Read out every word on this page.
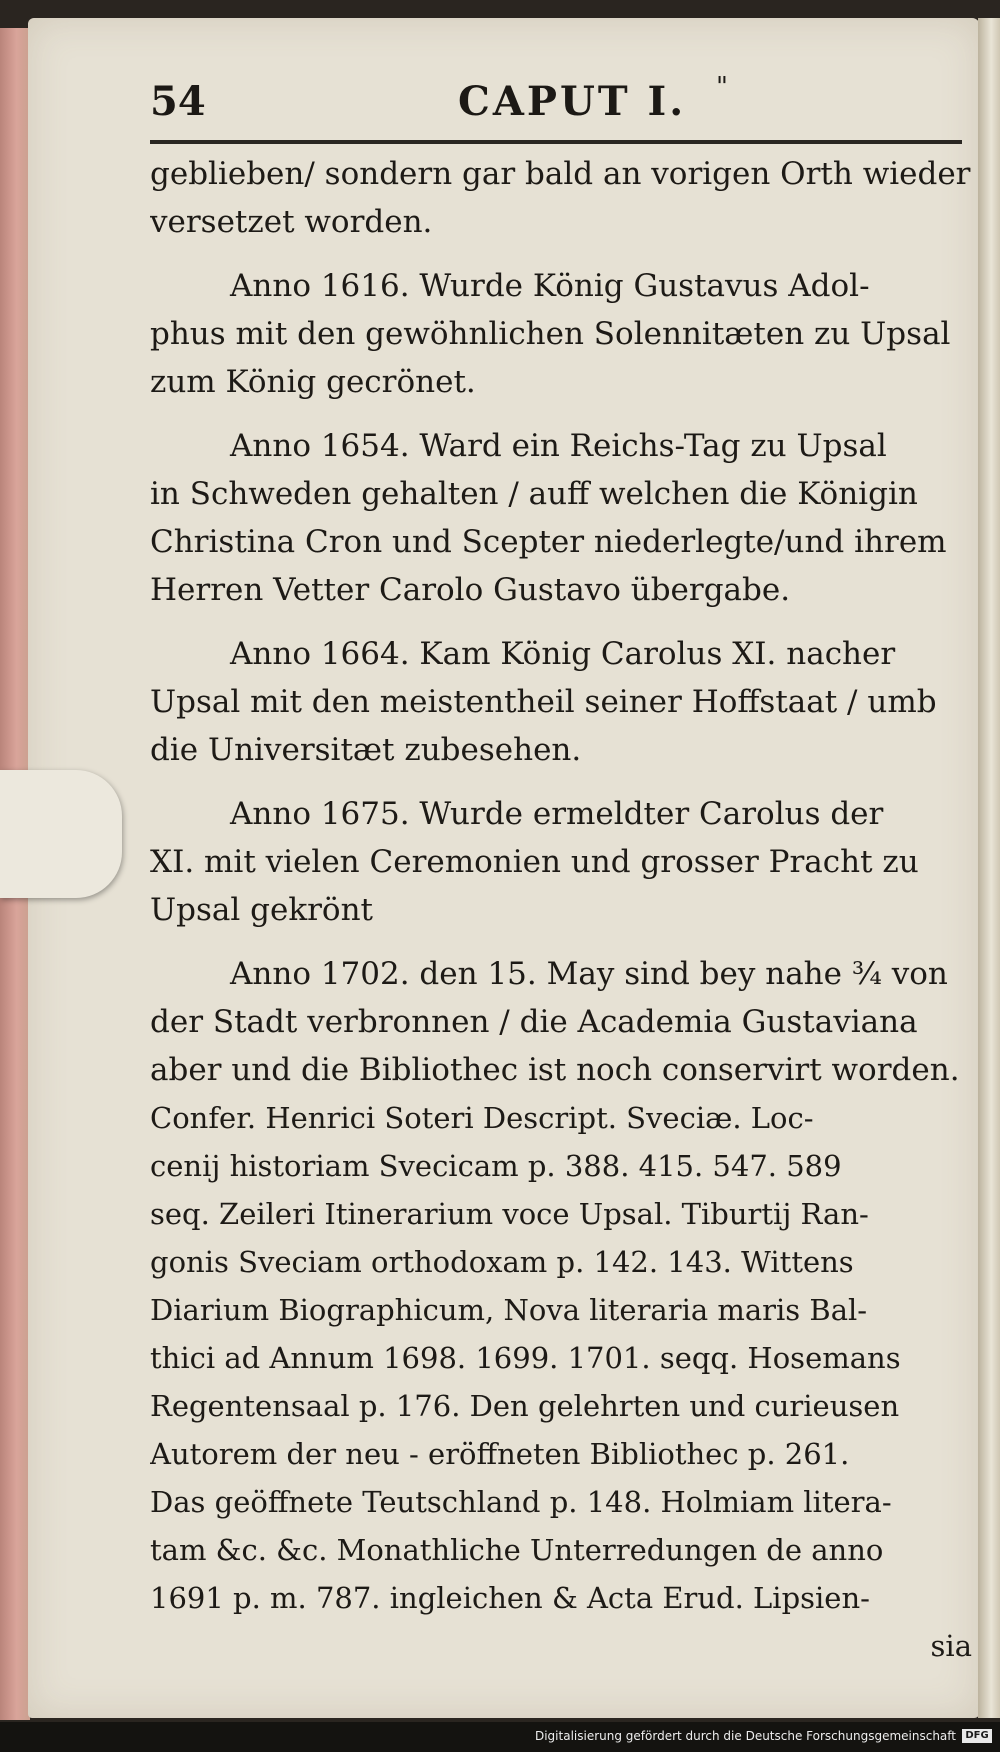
54	CAPUT I. "
geblieben/ sondern gar bald an vorigen Orth wieder
versetzet worden.
Anno 1616. Wurde König Gustavus Adol-
phus mit den gewöhnlichen Solennitæten zu Upsal
zum König gecrönet.
Anno 1654. Ward ein Reichs-Tag zu Upsal
in Schweden gehalten / auff welchen die Königin
Christina Cron und Scepter niederlegte/und ihrem
Herren Vetter Carolo Gustavo übergabe.
Anno 1664. Kam König Carolus XI. nacher
Upsal mit den meistentheil seiner Hoffstaat / umb
die Universitæt zubesehen.
Anno 1675. Wurde ermeldter Carolus der
XI. mit vielen Ceremonien und grosser Pracht zu
Upsal gekrönt
Anno 1702. den 15. May sind bey nahe ¾ von
der Stadt verbronnen / die Academia Gustaviana
aber und die Bibliothec ist noch conservirt worden.
Confer. Henrici Soteri Descript. Sveciæ. Loc-
cenij historiam Svecicam p. 388. 415. 547. 589
seq. Zeileri Itinerarium voce Upsal. Tiburtij Ran-
gonis Sveciam orthodoxam p. 142. 143. Wittens
Diarium Biographicum, Nova literaria maris Bal-
thici ad Annum 1698. 1699. 1701. seqq. Hosemans
Regentensaal p. 176. Den gelehrten und curieusen
Autorem der neu - eröffneten Bibliothec p. 261.
Das geöffnete Teutschland p. 148. Holmiam litera-
tam &c. &c. Monathliche Unterredungen de anno
1691 p. m. 787. ingleichen & Acta Erud. Lipsien-
sia
Digitalisierung gefördert durch die Deutsche Forschungsgemeinschaft DFG
